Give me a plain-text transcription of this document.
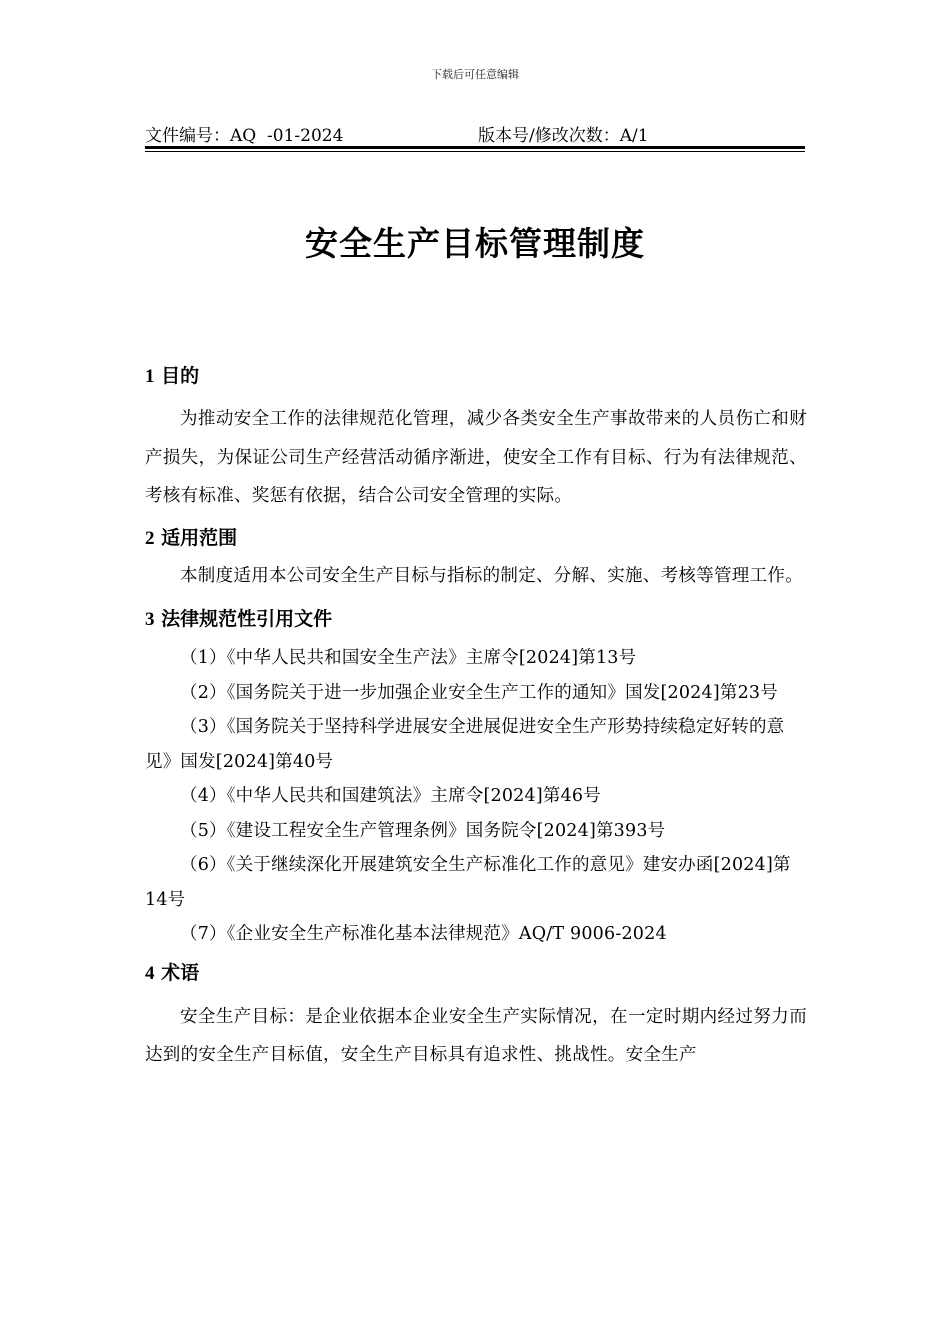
下载后可任意编辑
文件编号：AQ  -01-2024	版本号/修改次数：A/1
安全生产目标管理制度
1 目的

为推动安全工作的法律规范化管理，减少各类安全生产事故带来的人员伤亡和财产损失，为保证公司生产经营活动循序渐进，使安全工作有目标、行为有法律规范、考核有标准、奖惩有依据，结合公司安全管理的实际。

2 适用范围

本制度适用本公司安全生产目标与指标的制定、分解、实施、考核等管理工作。

3 法律规范性引用文件

（1）《中华人民共和国安全生产法》主席令[2024]第13号

（2）《国务院关于进一步加强企业安全生产工作的通知》国发[2024]第23号

（3）《国务院关于坚持科学进展安全进展促进安全生产形势持续稳定好转的意见》国发[2024]第40号

（4）《中华人民共和国建筑法》主席令[2024]第46号

（5）《建设工程安全生产管理条例》国务院令[2024]第393号

（6）《关于继续深化开展建筑安全生产标准化工作的意见》建安办函[2024]第14号

（7）《企业安全生产标准化基本法律规范》AQ/T 9006-2024

4 术语

安全生产目标：是企业依据本企业安全生产实际情况，在一定时期内经过努力而达到的安全生产目标值，安全生产目标具有追求性、挑战性。安全生产
